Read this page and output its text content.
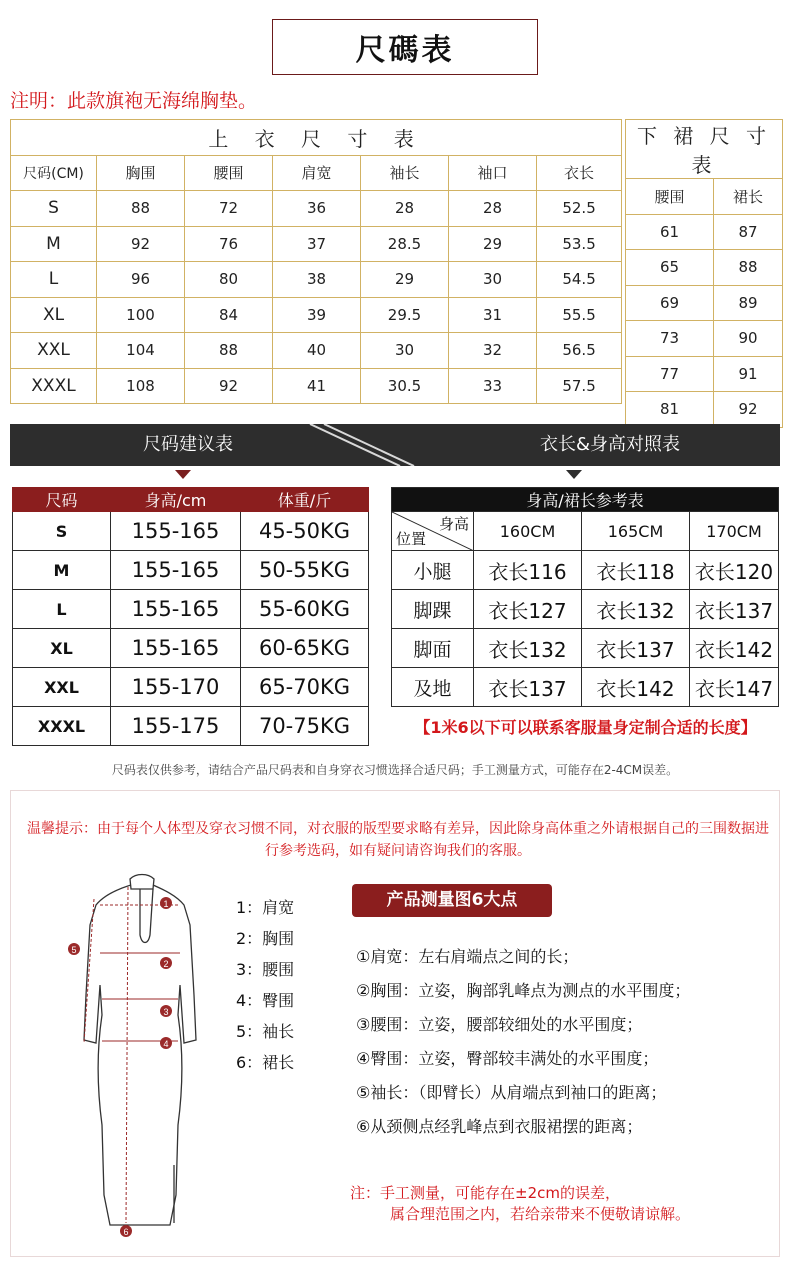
尺碼表
注明：此款旗袍无海绵胸垫。
上 衣 尺 寸 表						
尺码(CM)	胸围	腰围	肩宽	袖长	袖口	衣长
S	88	72	36	28	28	52.5
M	92	76	37	28.5	29	53.5
L	96	80	38	29	30	54.5
XL	100	84	39	29.5	31	55.5
XXL	104	88	40	30	32	56.5
XXXL	108	92	41	30.5	33	57.5
下 裙 尺 寸 表	
腰围	裙长
61	87
65	88
69	89
73	90
77	91
81	92
尺码建议表	衣长&身高对照表
尺码	身高/cm	体重/斤
S	155-165	45-50KG
M	155-165	50-55KG
L	155-165	55-60KG
XL	155-165	60-65KG
XXL	155-170	65-70KG
XXXL	155-175	70-75KG
身高/裙长参考表			

身高
位置	160CM	165CM	170CM
小腿	衣长116	衣长118	衣长120
脚踝	衣长127	衣长132	衣长137
脚面	衣长132	衣长137	衣长142
及地	衣长137	衣长142	衣长147
【1米6以下可以联系客服量身定制合适的长度】
尺码表仅供参考，请结合产品尺码表和自身穿衣习惯选择合适尺码；手工测量方式，可能存在2-4CM误差。
温馨提示：由于每个人体型及穿衣习惯不同，对衣服的版型要求略有差异，因此除身高体重之外请根据自己的三围数据进行参考选码，如有疑问请咨询我们的客服。
1
2
3
4
5
6
1：肩宽
2：胸围
3：腰围
4：臀围
5：袖长
6：裙长
产品测量图6大点
①肩宽：左右肩端点之间的长；
②胸围：立姿，胸部乳峰点为测点的水平围度；
③腰围：立姿，腰部较细处的水平围度；
④臀围：立姿，臀部较丰满处的水平围度；
⑤袖长：（即臂长）从肩端点到袖口的距离；
⑥从颈侧点经乳峰点到衣服裙摆的距离；
注：手工测量，可能存在±2cm的误差，
属合理范围之内，若给亲带来不便敬请谅解。
